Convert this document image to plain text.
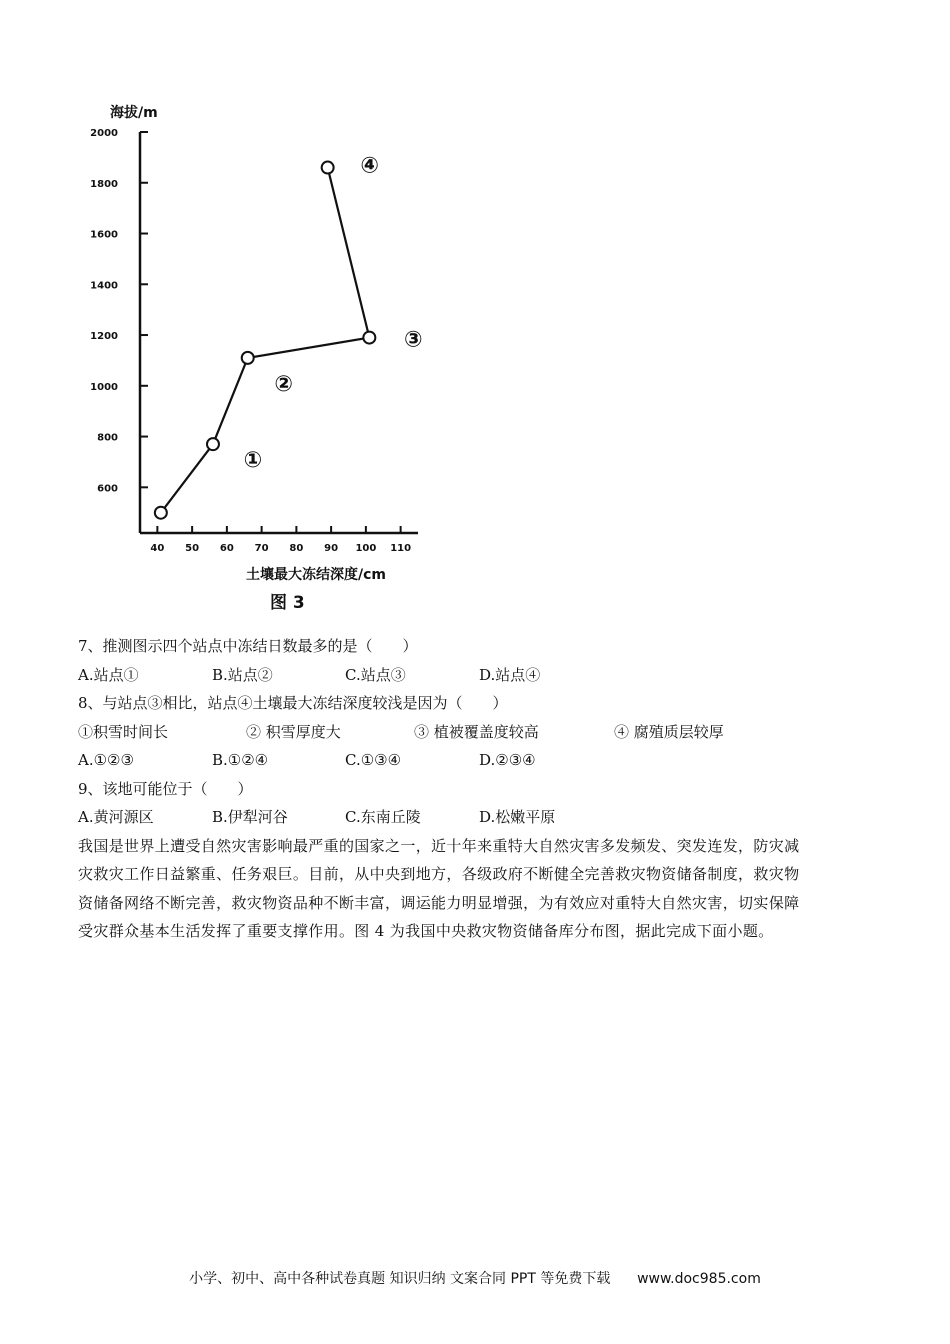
600
800
1000
1200
1400
1600
1800
2000
40 50 60 70 80 90 100 110
海拔/m
土壤最大冻结深度/cm
图 3
①
②
③
④
7、推测图示四个站点中冻结日数最多的是（　　）
A.站点①	B.站点②	C.站点③	D.站点④
8、与站点③相比，站点④土壤最大冻结深度较浅是因为（　　）
①积雪时间长	② 积雪厚度大	③ 植被覆盖度较高	④ 腐殖质层较厚
A.①②③	B.①②④	C.①③④	D.②③④
9、该地可能位于（　　）
A.黄河源区	B.伊犁河谷	C.东南丘陵	D.松嫩平原
我国是世界上遭受自然灾害影响最严重的国家之一，近十年来重特大自然灾害多发频发、突发连发，防灾减
灾救灾工作日益繁重、任务艰巨。目前，从中央到地方，各级政府不断健全完善救灾物资储备制度，救灾物
资储备网络不断完善，救灾物资品种不断丰富，调运能力明显增强，为有效应对重特大自然灾害，切实保障
受灾群众基本生活发挥了重要支撑作用。图 4 为我国中央救灾物资储备库分布图，据此完成下面小题。
小学、初中、高中各种试卷真题 知识归纳 文案合同 PPT 等免费下载 www.doc985.com
